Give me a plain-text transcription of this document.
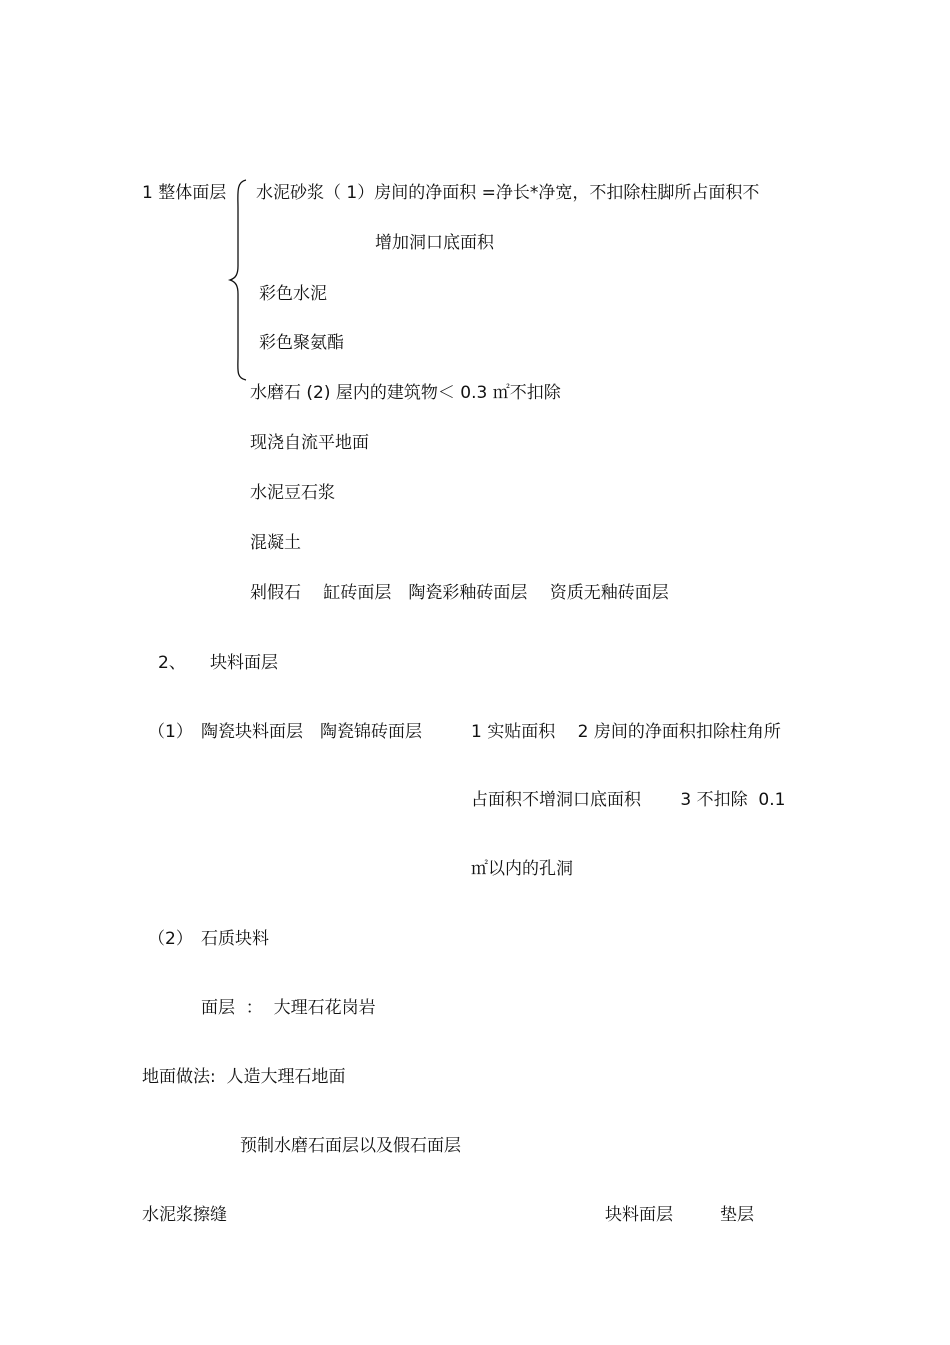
1 整体面层 水泥砂浆（ 1）房间的净面积 =净长*净宽，不扣除柱脚所占面积不
增加洞口底面积
彩色水泥
彩色聚氨酯
水磨石 (2) 屋内的建筑物＜ 0.3 ㎡不扣除
现浇自流平地面
水泥豆石浆
混凝土
剁假石　 缸砖面层　陶瓷彩釉砖面层　 资质无釉砖面层
2、 块料面层
（1） 陶瓷块料面层　陶瓷锦砖面层	1 实贴面积　 2 房间的净面积扣除柱角所
占面积不增洞口底面积　　 3 不扣除  0.1
㎡以内的孔洞
（2） 石质块料
面层  ：  大理石花岗岩
地面做法:  人造大理石地面
预制水磨石面层以及假石面层
水泥浆擦缝	块料面层	垫层
